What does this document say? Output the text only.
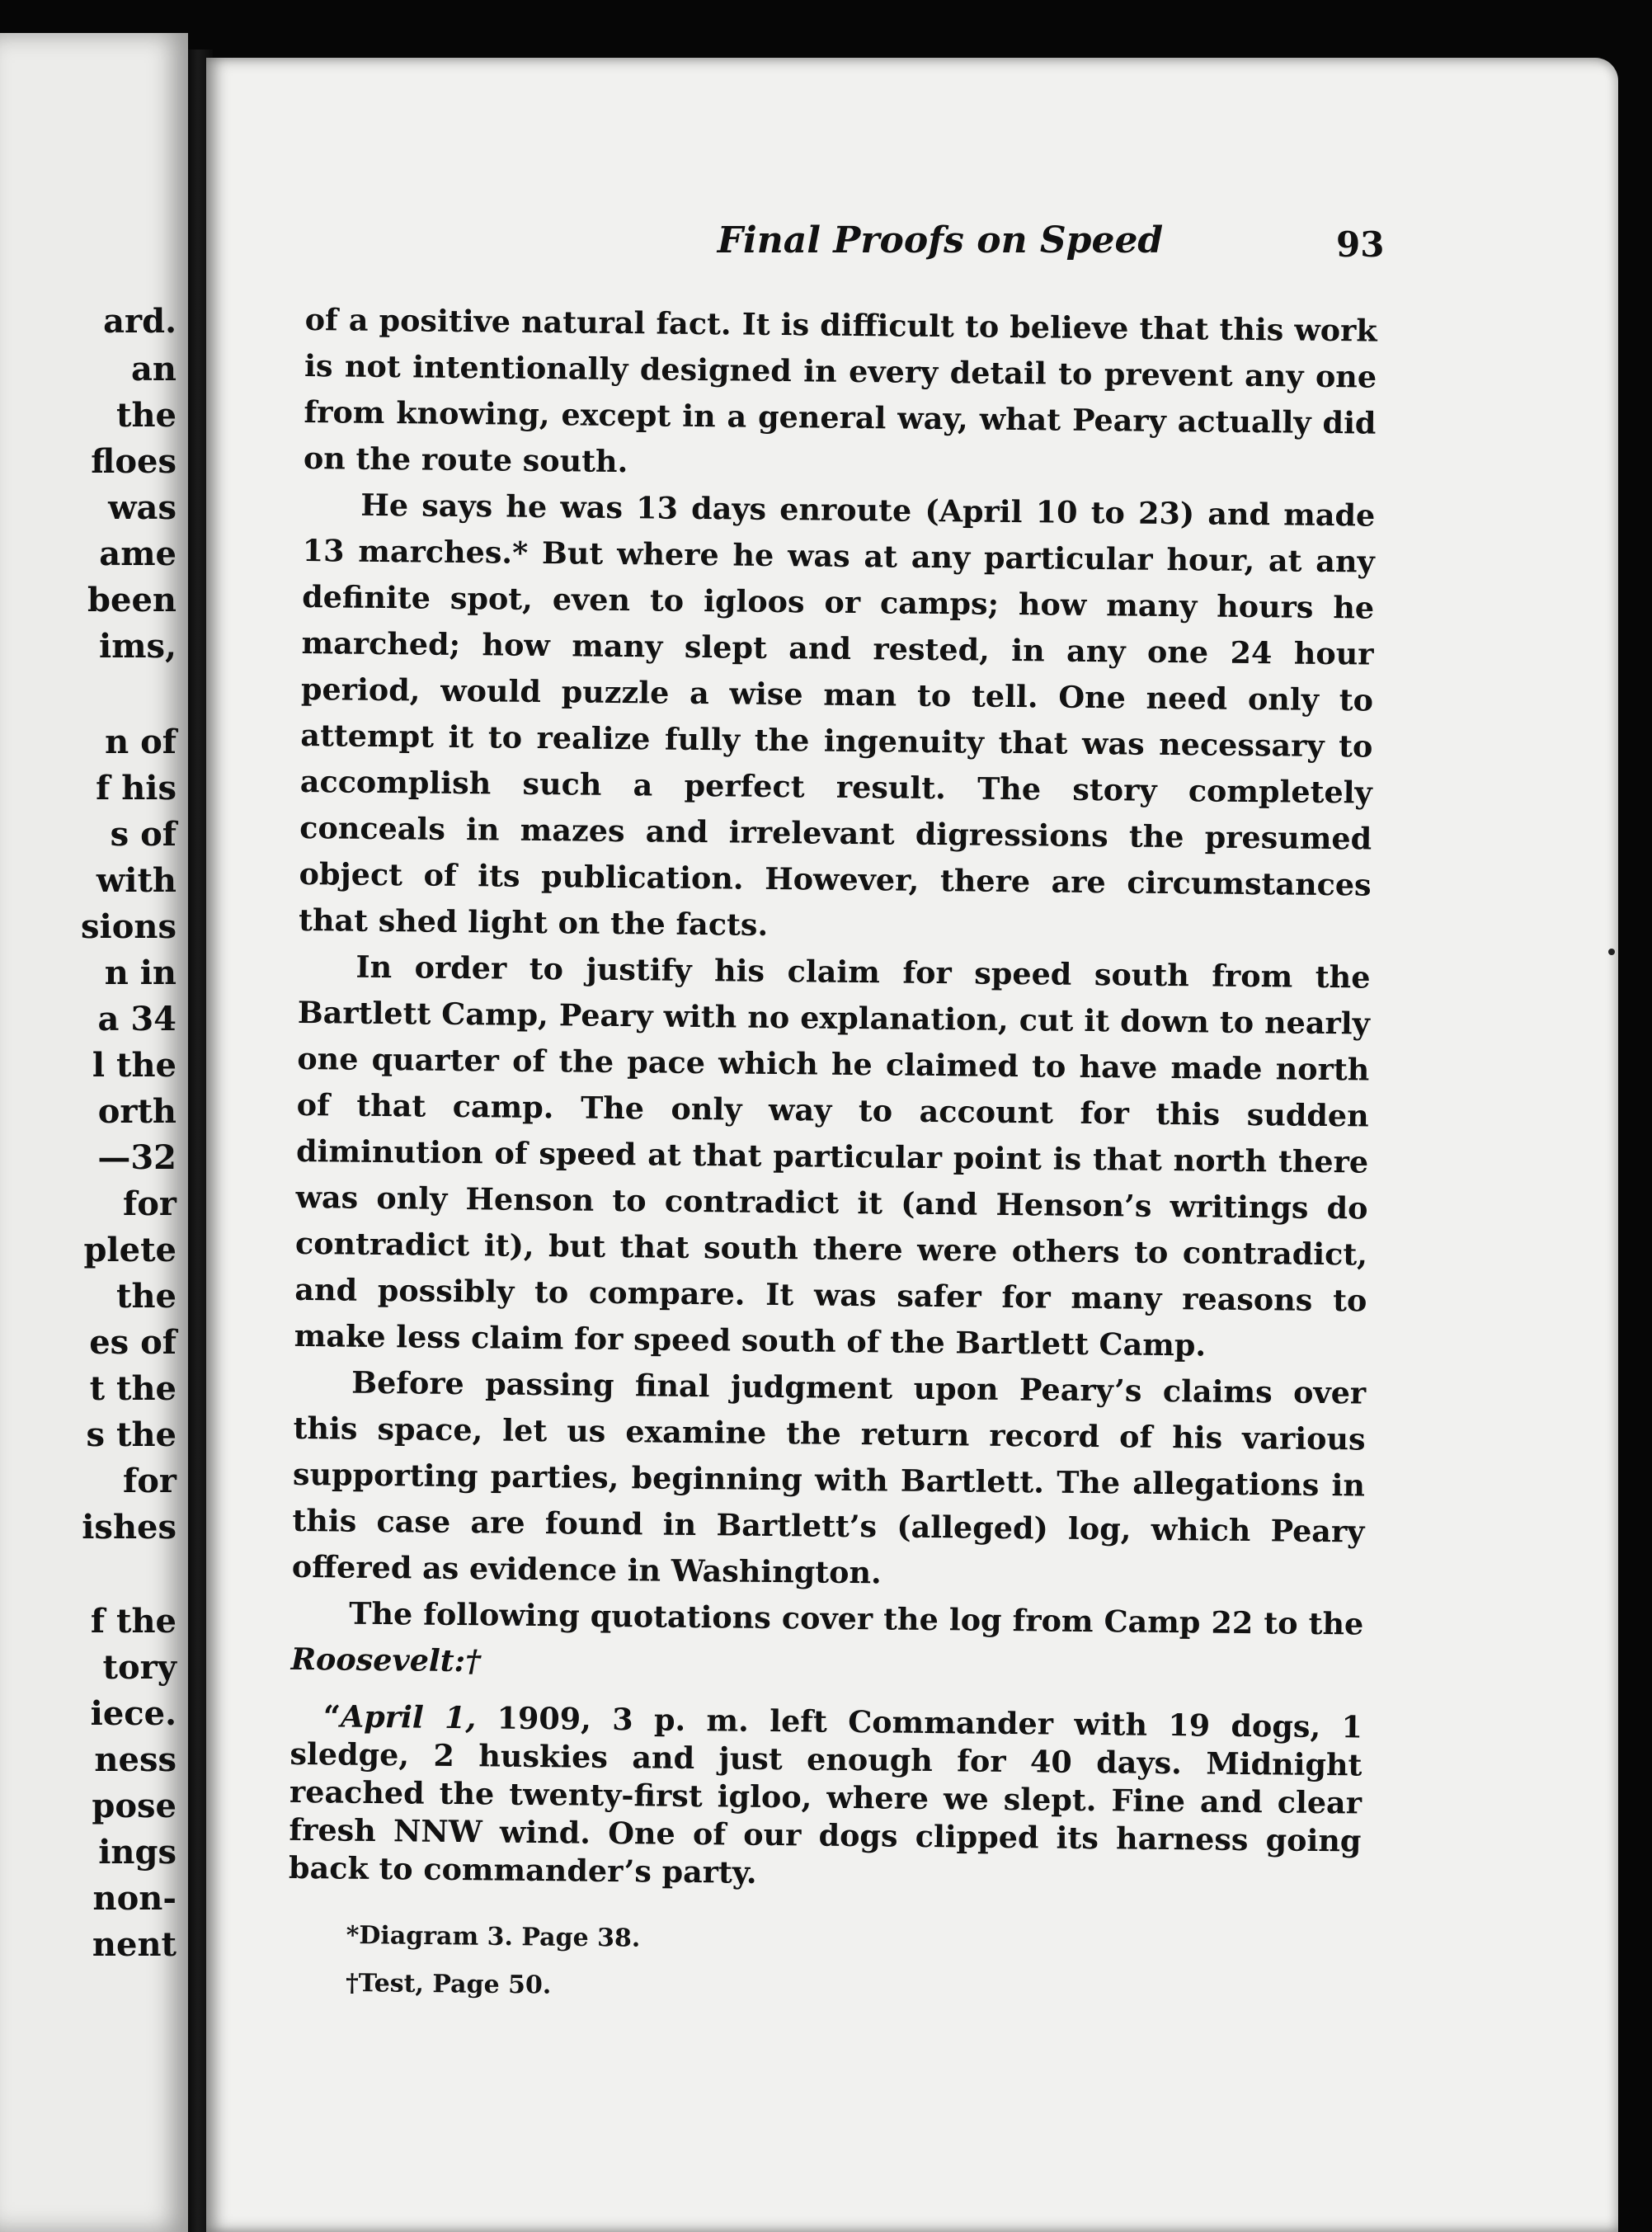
ard.
an
the
floes
was
ame
been
ims,
n of
f his
s of
with
sions
n in
a 34
l the
orth
—32
for
plete
the
es of
t the
s the
for
ishes
f the
tory
iece.
ness
pose
ings
non-
nent
Final Proofs on Speed	93

of a positive natural fact. It is difficult to believe that this work is not intentionally designed in every detail to prevent any one from knowing, except in a general way, what Peary actually did on the route south.

He says he was 13 days enroute (April 10 to 23) and made 13 marches.* But where he was at any particular hour, at any definite spot, even to igloos or camps; how many hours he marched; how many slept and rested, in any one 24 hour period, would puzzle a wise man to tell. One need only to attempt it to realize fully the ingenuity that was necessary to accomplish such a perfect result. The story completely conceals in mazes and irrelevant digressions the presumed object of its publication. However, there are circumstances that shed light on the facts.

In order to justify his claim for speed south from the Bartlett Camp, Peary with no explanation, cut it down to nearly one quarter of the pace which he claimed to have made north of that camp. The only way to account for this sudden diminution of speed at that particular point is that north there was only Henson to contradict it (and Henson’s writings do contradict it), but that south there were others to contradict, and possibly to compare. It was safer for many reasons to make less claim for speed south of the Bartlett Camp.

Before passing final judgment upon Peary’s claims over this space, let us examine the return record of his various supporting parties, beginning with Bartlett. The allegations in this case are found in Bartlett’s (alleged) log, which Peary offered as evidence in Washington.

The following quotations cover the log from Camp 22 to the Roosevelt:†

“April 1, 1909, 3 p. m. left Commander with 19 dogs, 1 sledge, 2 huskies and just enough for 40 days. Midnight reached the twenty-first igloo, where we slept. Fine and clear fresh NNW wind. One of our dogs clipped its harness going back to commander’s party.

*Diagram 3. Page 38.
†Test, Page 50.
